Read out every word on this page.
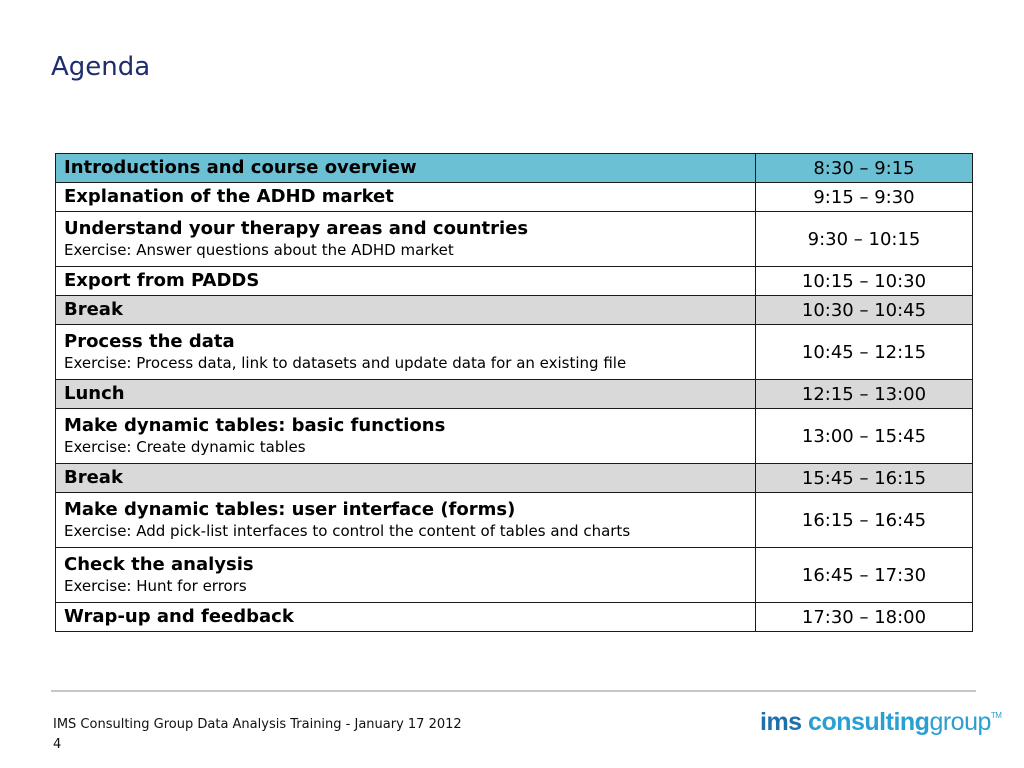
Agenda
Introductions and course overview	8:30 – 9:15

Explanation of the ADHD market	9:15 – 9:30

Understand your therapy areas and countries
Exercise: Answer questions about the ADHD market	9:30 – 10:15

Export from PADDS	10:15 – 10:30

Break	10:30 – 10:45

Process the data
Exercise: Process data, link to datasets and update data for an existing file	10:45 – 12:15

Lunch	12:15 – 13:00

Make dynamic tables: basic functions
Exercise: Create dynamic tables	13:00 – 15:45

Break	15:45 – 16:15

Make dynamic tables: user interface (forms)
Exercise: Add pick-list interfaces to control the content of tables and charts	16:15 – 16:45

Check the analysis
Exercise: Hunt for errors	16:45 – 17:30

Wrap-up and feedback	17:30 – 18:00
IMS Consulting Group Data Analysis Training - January 17 2012
4
ims consultinggroup™
